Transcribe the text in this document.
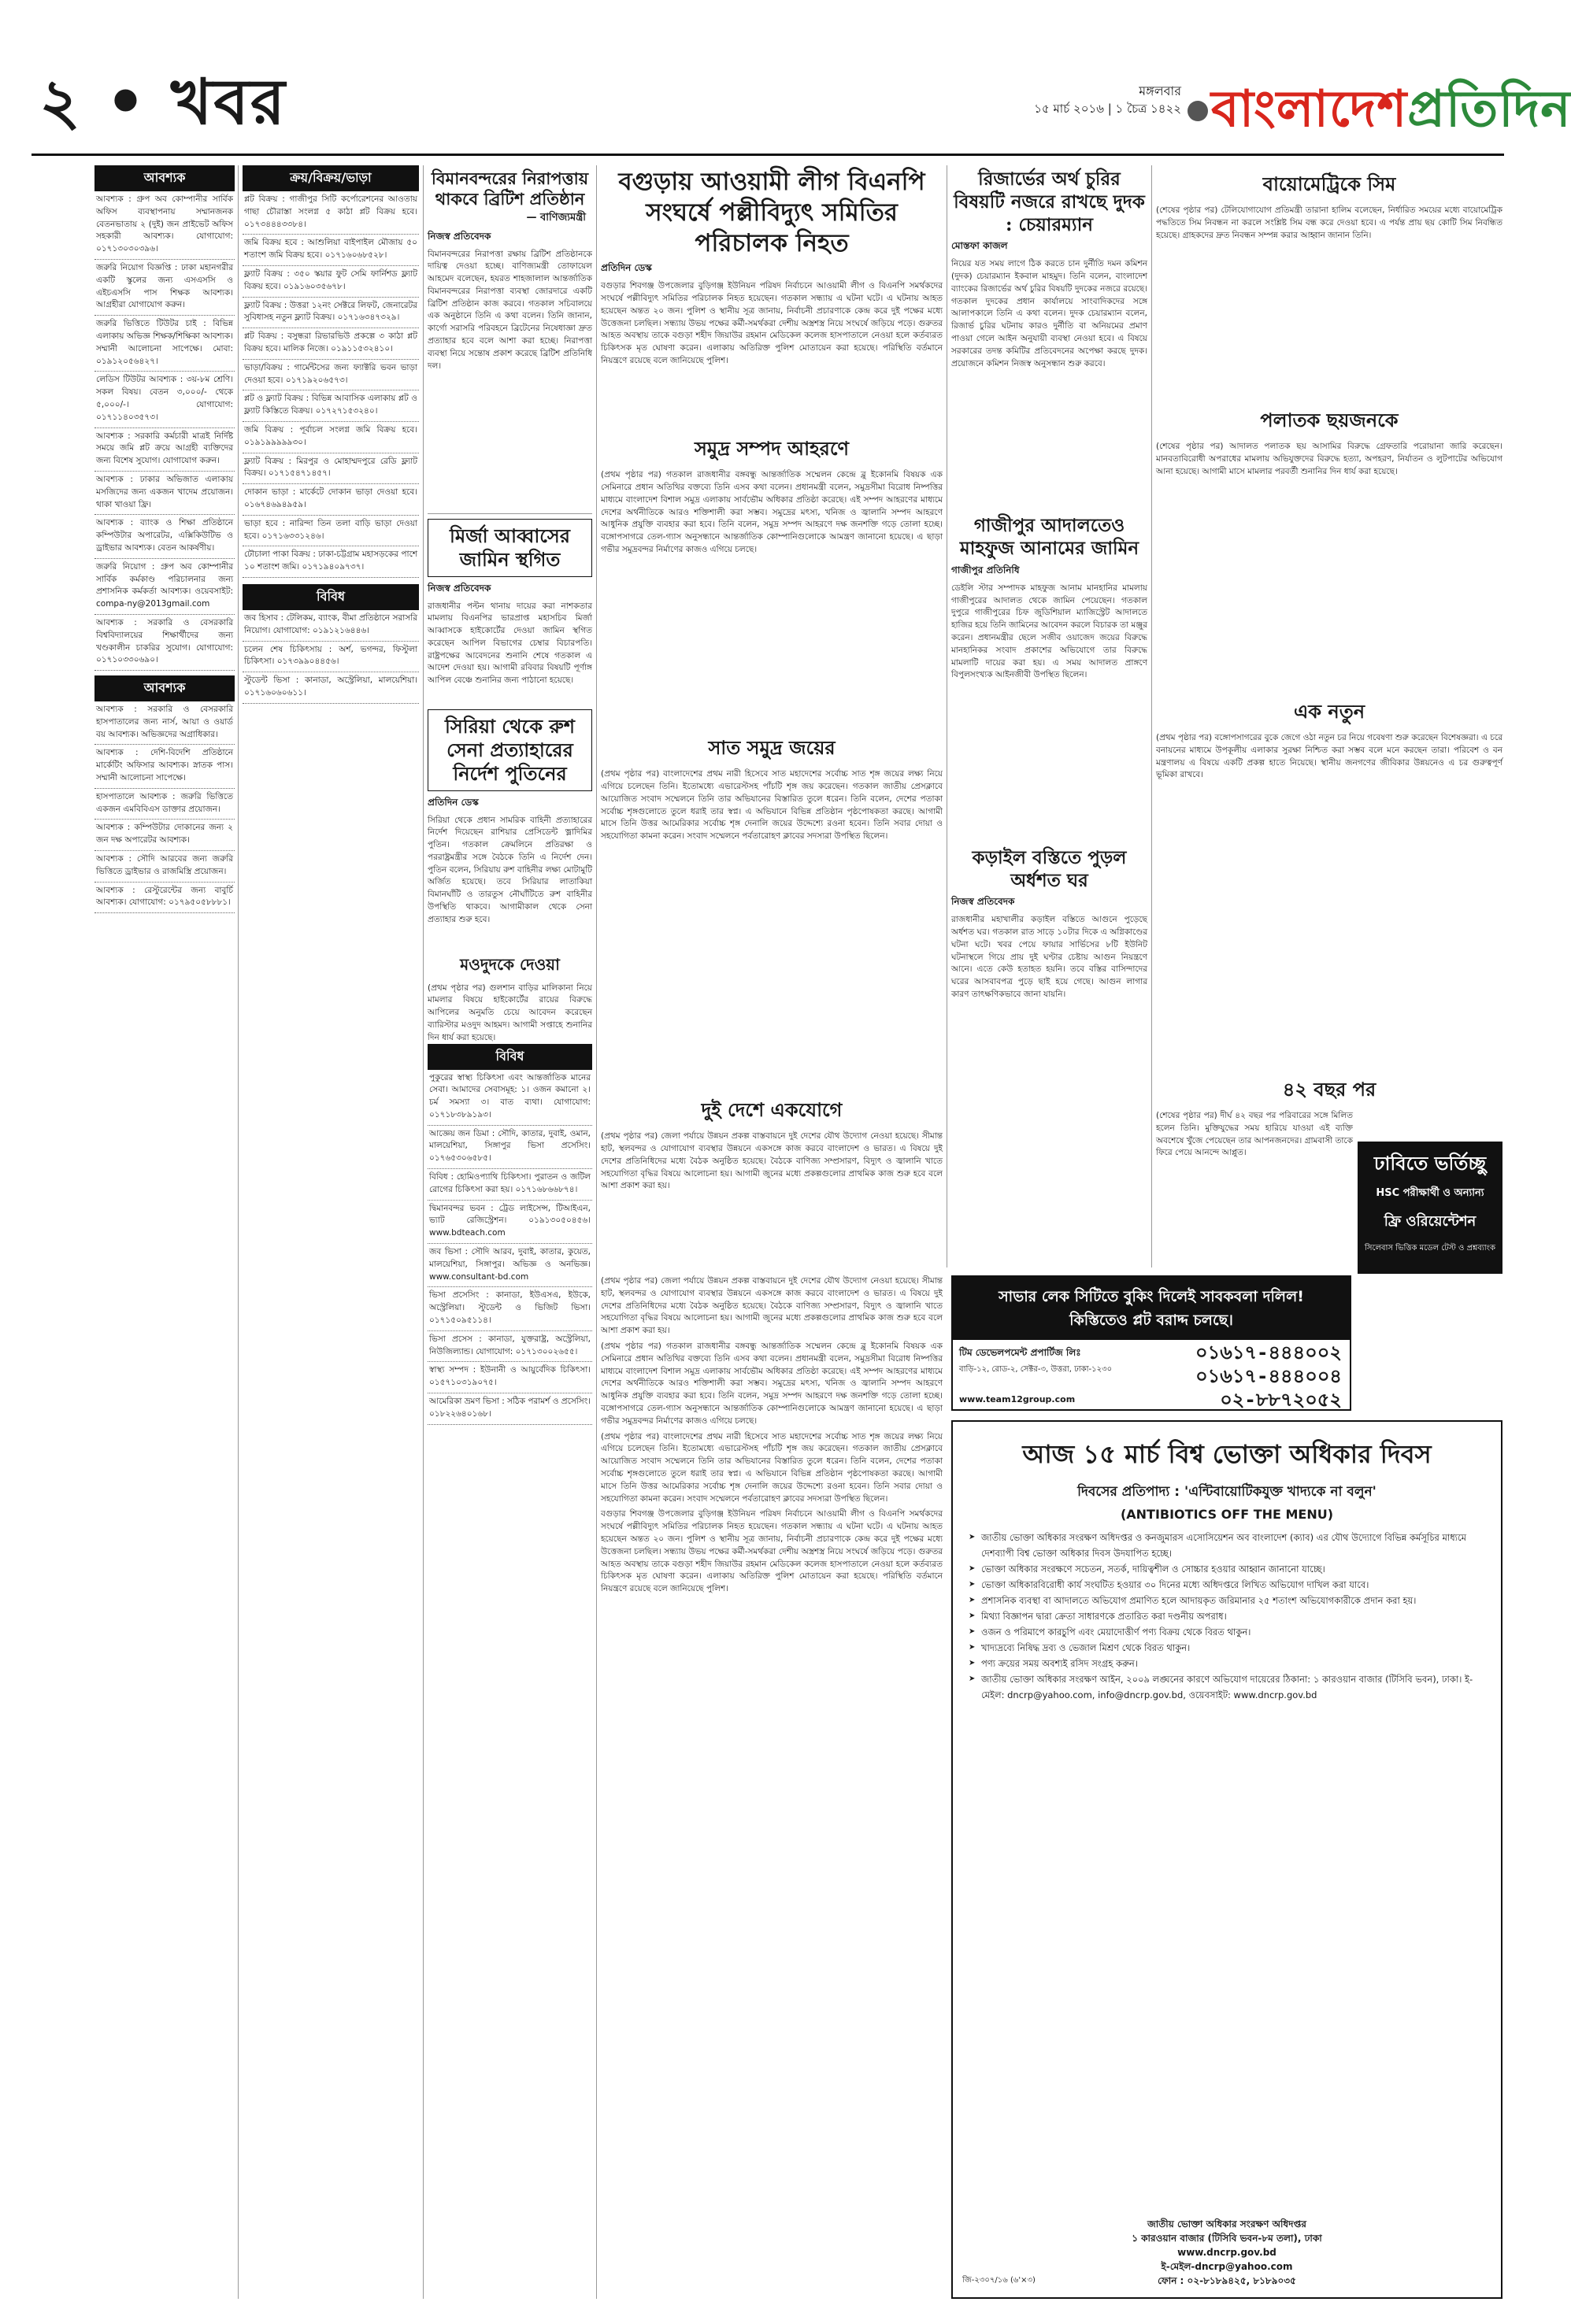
২ • খবর	মঙ্গলবার
১৫ মার্চ ২০১৬ | ১ চৈত্র ১৪২২ বাংলাদেশপ্রতিদিন
আবশ্যক
আবশ্যক : গ্রুপ অব কোম্পানীর সার্বিক অফিস ব্যবস্থাপনায় সম্মানজনক বেতনভাতায় ২ (দুই) জন প্রাইভেট অফিস সহকারী আবশ্যক। যোগাযোগ: ০১৭১৩০৩০৩৯৬।
জরুরি নিয়োগ বিজ্ঞপ্তি : ঢাকা মহানগরীর একটি স্কুলের জন্য এসএসসি ও এইচএসসি পাস শিক্ষক আবশ্যক। আগ্রহীরা যোগাযোগ করুন।
জরুরি ভিত্তিতে টিউটর চাই : বিভিন্ন এলাকায় অভিজ্ঞ শিক্ষক/শিক্ষিকা আবশ্যক। সম্মানী আলোচনা সাপেক্ষে। মোবা: ০১৯১২০৫৬৪২৭।
লেডিস টিউটর আবশ্যক : ৩য়-৮ম শ্রেণি। সকল বিষয়। বেতন ৩,০০০/- থেকে ৫,০০০/-। যোগাযোগ: ০১৭১১৪০৩৫৭৩।
আবশ্যক : সরকারি কর্মচারী মাত্রই নির্দিষ্ট সময়ে জমি প্লট ক্রয়ে আগ্রহী ব্যক্তিদের জন্য বিশেষ সুযোগ। যোগাযোগ করুন।
আবশ্যক : ঢাকার অভিজাত এলাকায় মসজিদের জন্য একজন খাদেম প্রয়োজন। থাকা খাওয়া ফ্রি।
আবশ্যক : ব্যাংক ও শিক্ষা প্রতিষ্ঠানে কম্পিউটার অপারেটর, এক্সিকিউটিভ ও ড্রাইভার আবশ্যক। বেতন আকর্ষণীয়।
জরুরি নিয়োগ : গ্রুপ অব কোম্পানীর সার্বিক কর্মকাণ্ড পরিচালনার জন্য প্রশাসনিক কর্মকর্তা আবশ্যক। ওয়েবসাইট: compa-ny@2013gmail.com
আবশ্যক : সরকারি ও বেসরকারি বিশ্ববিদ্যালয়ের শিক্ষার্থীদের জন্য খণ্ডকালীন চাকরির সুযোগ। যোগাযোগ: ০১৭১০৩৩০৬৯০।
আবশ্যক
আবশ্যক : সরকারি ও বেসরকারি হাসপাতালের জন্য নার্স, আয়া ও ওয়ার্ড বয় আবশ্যক। অভিজ্ঞদের অগ্রাধিকার।
আবশ্যক : দেশি-বিদেশি প্রতিষ্ঠানে মার্কেটিং অফিসার আবশ্যক। স্নাতক পাস। সম্মানী আলোচনা সাপেক্ষে।
হাসপাতালে আবশ্যক : জরুরি ভিত্তিতে একজন এমবিবিএস ডাক্তার প্রয়োজন।
আবশ্যক : কম্পিউটার দোকানের জন্য ২ জন দক্ষ অপারেটর আবশ্যক।
আবশ্যক : সৌদি আরবের জন্য জরুরি ভিত্তিতে ড্রাইভার ও রাজমিস্ত্রি প্রয়োজন।
আবশ্যক : রেস্টুরেন্টের জন্য বাবুর্চি আবশ্যক। যোগাযোগ: ০১৭৯৫০৫৮৮৮১।
ক্রয়/বিক্রয়/ভাড়া
প্লট বিক্রয় : গাজীপুর সিটি কর্পোরেশনের আওতায় গাছা চৌরাস্তা সংলগ্ন ৫ কাঠা প্লট বিক্রয় হবে। ০১৭৩৪৪৪৩৩৮৪।
জমি বিক্রয় হবে : আশুলিয়া বাইপাইল মৌজায় ৫০ শতাংশ জমি বিক্রয় হবে। ০১৭১৬০৬৮৫২৮।
ফ্ল্যাট বিক্রয় : ৩৫০ স্কয়ার ফুট সেমি ফার্নিশড ফ্ল্যাট বিক্রয় হবে। ০১৯১৬০৩৫৬৭৮।
ফ্ল্যাট বিক্রয় : উত্তরা ১২নং সেক্টরে লিফট, জেনারেটর সুবিধাসহ নতুন ফ্ল্যাট বিক্রয়। ০১৭১৬৩৪৭৩২৯।
প্লট বিক্রয় : বসুন্ধরা রিভারভিউ প্রকল্পে ৩ কাঠা প্লট বিক্রয় হবে। মালিক নিজে। ০১৯১১৫৩২৪১০।
ভাড়া/বিক্রয় : গার্মেন্টসের জন্য ফ্যাক্টরি ভবন ভাড়া দেওয়া হবে। ০১৭১৯২০৬৫৭৩।
প্লট ও ফ্ল্যাট বিক্রয় : বিভিন্ন আবাসিক এলাকায় প্লট ও ফ্ল্যাট কিস্তিতে বিক্রয়। ০১৭২৭১৫৩২৪০।
জমি বিক্রয় : পূর্বাচল সংলগ্ন জমি বিক্রয় হবে। ০১৯১৯৯৯৯৯৩০।
ফ্ল্যাট বিক্রয় : মিরপুর ও মোহাম্মদপুরে রেডি ফ্ল্যাট বিক্রয়। ০১৭১৫৪৭১৪৫৭।
দোকান ভাড়া : মার্কেটে দোকান ভাড়া দেওয়া হবে। ০১৬৭৪৬৯৪৯৫৯।
ভাড়া হবে : নারিন্দা তিন তলা বাড়ি ভাড়া দেওয়া হবে। ০১৭১৬৩৩১২৪৬।
ঢৌচালা পাকা বিক্রয় : ঢাকা-চট্টগ্রাম মহাসড়কের পাশে ১০ শতাংশ জমি। ০১৭১৯৪০৯৭৩৭।
বিবিধ
জব হিসাব : টেলিকম, ব্যাংক, বীমা প্রতিষ্ঠানে সরাসরি নিয়োগ। যোগাযোগ: ০১৯১২১৬৪৪৬।
চলেন শেষ চিকিৎসায় : অর্শ, ভগন্দর, ফিস্টুলা চিকিৎসা। ০১৭৩৯৯০৪৪৫৬।
স্টুডেন্ট ভিসা : কানাডা, অস্ট্রেলিয়া, মালয়েশিয়া। ০১৭১৬০৬০৬১১।
বিমানবন্দরের নিরাপত্তায় থাকবে ব্রিটিশ প্রতিষ্ঠান
— বাণিজ্যমন্ত্রী
নিজস্ব প্রতিবেদক
বিমানবন্দরের নিরাপত্তা রক্ষায় ব্রিটিশ প্রতিষ্ঠানকে দায়িত্ব দেওয়া হচ্ছে। বাণিজ্যমন্ত্রী তোফায়েল আহমেদ বলেছেন, হযরত শাহজালাল আন্তর্জাতিক বিমানবন্দরের নিরাপত্তা ব্যবস্থা জোরদারে একটি ব্রিটিশ প্রতিষ্ঠান কাজ করবে। গতকাল সচিবালয়ে এক অনুষ্ঠানে তিনি এ কথা বলেন। তিনি জানান, কার্গো সরাসরি পরিবহনে ব্রিটেনের নিষেধাজ্ঞা দ্রুত প্রত্যাহার হবে বলে আশা করা হচ্ছে। নিরাপত্তা ব্যবস্থা নিয়ে সন্তোষ প্রকাশ করেছে ব্রিটিশ প্রতিনিধি দল।
মির্জা আব্বাসের জামিন স্থগিত
নিজস্ব প্রতিবেদক
রাজধানীর পল্টন থানায় দায়ের করা নাশকতার মামলায় বিএনপির ভারপ্রাপ্ত মহাসচিব মির্জা আব্বাসকে হাইকোর্টের দেওয়া জামিন স্থগিত করেছেন আপিল বিভাগের চেম্বার বিচারপতি। রাষ্ট্রপক্ষের আবেদনের শুনানি শেষে গতকাল এ আদেশ দেওয়া হয়। আগামী রবিবার বিষয়টি পূর্ণাঙ্গ আপিল বেঞ্চে শুনানির জন্য পাঠানো হয়েছে।
সিরিয়া থেকে রুশ সেনা প্রত্যাহারের নির্দেশ পুতিনের
প্রতিদিন ডেস্ক
সিরিয়া থেকে প্রধান সামরিক বাহিনী প্রত্যাহারের নির্দেশ দিয়েছেন রাশিয়ার প্রেসিডেন্ট ভ্লাদিমির পুতিন। গতকাল ক্রেমলিনে প্রতিরক্ষা ও পররাষ্ট্রমন্ত্রীর সঙ্গে বৈঠকে তিনি এ নির্দেশ দেন। পুতিন বলেন, সিরিয়ায় রুশ বাহিনীর লক্ষ্য মোটামুটি অর্জিত হয়েছে। তবে সিরিয়ার লাতাকিয়া বিমানঘাঁটি ও তারতুস নৌঘাঁটিতে রুশ বাহিনীর উপস্থিতি থাকবে। আগামীকাল থেকে সেনা প্রত্যাহার শুরু হবে।
মওদুদকে দেওয়া
(প্রথম পৃষ্ঠার পর) গুলশান বাড়ির মালিকানা নিয়ে মামলার বিষয়ে হাইকোর্টের রায়ের বিরুদ্ধে আপিলের অনুমতি চেয়ে আবেদন করেছেন ব্যারিস্টার মওদুদ আহমদ। আগামী সপ্তাহে শুনানির দিন ধার্য করা হয়েছে।
বিবিধ
পুকুরের স্বাস্থ্য চিকিৎসা এবং আন্তর্জাতিক মানের সেবা। আমাদের সেবাসমূহ: ১। ওজন কমানো ২। চর্ম সমস্যা ৩। বাত ব্যথা। যোগাযোগ: ০১৭১৮৩৮৯১৯৩।
আজ্ঞেয় জন ডিমা : সৌদি, কাতার, দুবাই, ওমান, মালয়েশিয়া, সিঙ্গাপুর ভিসা প্রসেসিং। ০১৭৬৫৩০৬৫৮৫।
বিবিধ : হোমিওপ্যাথি চিকিৎসা। পুরাতন ও জটিল রোগের চিকিৎসা করা হয়। ০১৭১৬৮৬৬৮৭৪।
দ্বিমানবন্দর ভবন : ট্রেড লাইসেন্স, টিআইএন, ভ্যাট রেজিস্ট্রেশন। ০১৯১৩০৫০৪৫৬। www.bdteach.com
জব ভিসা : সৌদি আরব, দুবাই, কাতার, কুয়েত, মালয়েশিয়া, সিঙ্গাপুর। অভিজ্ঞ ও অনভিজ্ঞ। www.consultant-bd.com
ভিসা প্রসেসিং : কানাডা, ইউএসএ, ইউকে, অস্ট্রেলিয়া। স্টুডেন্ট ও ভিজিট ভিসা। ০১৭১৫০৯৫১১৪।
ভিসা প্রসেস : কানাডা, যুক্তরাষ্ট্র, অস্ট্রেলিয়া, নিউজিল্যান্ড। যোগাযোগ: ০১৭১৩০০২৬৫৫।
স্বাস্থ্য সম্পদ : ইউনানী ও আয়ুর্বেদিক চিকিৎসা। ০১৫৭১০৩১৯০৭৫।
আমেরিকা ভ্রমণ ভিসা : সঠিক পরামর্শ ও প্রসেসিং। ০১৮২২৬৪০১৬৮।
বগুড়ায় আওয়ামী লীগ বিএনপি সংঘর্ষে পল্লীবিদ্যুৎ সমিতির পরিচালক নিহত
প্রতিদিন ডেস্ক
বগুড়ার শিবগঞ্জ উপজেলার বুড়িগঞ্জ ইউনিয়ন পরিষদ নির্বাচনে আওয়ামী লীগ ও বিএনপি সমর্থকদের সংঘর্ষে পল্লীবিদ্যুৎ সমিতির পরিচালক নিহত হয়েছেন। গতকাল সন্ধ্যায় এ ঘটনা ঘটে। এ ঘটনায় আহত হয়েছেন অন্তত ২০ জন। পুলিশ ও স্থানীয় সূত্র জানায়, নির্বাচনী প্রচারণাকে কেন্দ্র করে দুই পক্ষের মধ্যে উত্তেজনা চলছিল। সন্ধ্যায় উভয় পক্ষের কর্মী-সমর্থকরা দেশীয় অস্ত্রশস্ত্র নিয়ে সংঘর্ষে জড়িয়ে পড়ে। গুরুতর আহত অবস্থায় তাকে বগুড়া শহীদ জিয়াউর রহমান মেডিকেল কলেজ হাসপাতালে নেওয়া হলে কর্তব্যরত চিকিৎসক মৃত ঘোষণা করেন। এলাকায় অতিরিক্ত পুলিশ মোতায়েন করা হয়েছে। পরিস্থিতি বর্তমানে নিয়ন্ত্রণে রয়েছে বলে জানিয়েছে পুলিশ।
সমুদ্র সম্পদ আহরণে
(প্রথম পৃষ্ঠার পর) গতকাল রাজধানীর বঙ্গবন্ধু আন্তর্জাতিক সম্মেলন কেন্দ্রে ব্লু ইকোনমি বিষয়ক এক সেমিনারে প্রধান অতিথির বক্তব্যে তিনি এসব কথা বলেন। প্রধানমন্ত্রী বলেন, সমুদ্রসীমা বিরোধ নিষ্পত্তির মাধ্যমে বাংলাদেশ বিশাল সমুদ্র এলাকায় সার্বভৌম অধিকার প্রতিষ্ঠা করেছে। এই সম্পদ আহরণের মাধ্যমে দেশের অর্থনীতিকে আরও শক্তিশালী করা সম্ভব। সমুদ্রের মৎস্য, খনিজ ও জ্বালানি সম্পদ আহরণে আধুনিক প্রযুক্তি ব্যবহার করা হবে। তিনি বলেন, সমুদ্র সম্পদ আহরণে দক্ষ জনশক্তি গড়ে তোলা হচ্ছে। বঙ্গোপসাগরে তেল-গ্যাস অনুসন্ধানে আন্তর্জাতিক কোম্পানিগুলোকে আমন্ত্রণ জানানো হয়েছে। এ ছাড়া গভীর সমুদ্রবন্দর নির্মাণের কাজও এগিয়ে চলছে।
সাত সমুদ্র জয়ের
(প্রথম পৃষ্ঠার পর) বাংলাদেশের প্রথম নারী হিসেবে সাত মহাদেশের সর্বোচ্চ সাত শৃঙ্গ জয়ের লক্ষ্য নিয়ে এগিয়ে চলেছেন তিনি। ইতোমধ্যে এভারেস্টসহ পাঁচটি শৃঙ্গ জয় করেছেন। গতকাল জাতীয় প্রেসক্লাবে আয়োজিত সংবাদ সম্মেলনে তিনি তার অভিযানের বিস্তারিত তুলে ধরেন। তিনি বলেন, দেশের পতাকা সর্বোচ্চ শৃঙ্গগুলোতে তুলে ধরাই তার স্বপ্ন। এ অভিযানে বিভিন্ন প্রতিষ্ঠান পৃষ্ঠপোষকতা করছে। আগামী মাসে তিনি উত্তর আমেরিকার সর্বোচ্চ শৃঙ্গ দেনালি জয়ের উদ্দেশ্যে রওনা হবেন। তিনি সবার দোয়া ও সহযোগিতা কামনা করেন। সংবাদ সম্মেলনে পর্বতারোহণ ক্লাবের সদস্যরা উপস্থিত ছিলেন।
দুই দেশে একযোগে
(প্রথম পৃষ্ঠার পর) জেলা পর্যায়ে উন্নয়ন প্রকল্প বাস্তবায়নে দুই দেশের যৌথ উদ্যোগ নেওয়া হয়েছে। সীমান্ত হাট, স্থলবন্দর ও যোগাযোগ ব্যবস্থার উন্নয়নে একসঙ্গে কাজ করবে বাংলাদেশ ও ভারত। এ বিষয়ে দুই দেশের প্রতিনিধিদের মধ্যে বৈঠক অনুষ্ঠিত হয়েছে। বৈঠকে বাণিজ্য সম্প্রসারণ, বিদ্যুৎ ও জ্বালানি খাতে সহযোগিতা বৃদ্ধির বিষয়ে আলোচনা হয়। আগামী জুনের মধ্যে প্রকল্পগুলোর প্রাথমিক কাজ শুরু হবে বলে আশা প্রকাশ করা হয়।
(প্রথম পৃষ্ঠার পর) জেলা পর্যায়ে উন্নয়ন প্রকল্প বাস্তবায়নে দুই দেশের যৌথ উদ্যোগ নেওয়া হয়েছে। সীমান্ত হাট, স্থলবন্দর ও যোগাযোগ ব্যবস্থার উন্নয়নে একসঙ্গে কাজ করবে বাংলাদেশ ও ভারত। এ বিষয়ে দুই দেশের প্রতিনিধিদের মধ্যে বৈঠক অনুষ্ঠিত হয়েছে। বৈঠকে বাণিজ্য সম্প্রসারণ, বিদ্যুৎ ও জ্বালানি খাতে সহযোগিতা বৃদ্ধির বিষয়ে আলোচনা হয়। আগামী জুনের মধ্যে প্রকল্পগুলোর প্রাথমিক কাজ শুরু হবে বলে আশা প্রকাশ করা হয়।
(প্রথম পৃষ্ঠার পর) গতকাল রাজধানীর বঙ্গবন্ধু আন্তর্জাতিক সম্মেলন কেন্দ্রে ব্লু ইকোনমি বিষয়ক এক সেমিনারে প্রধান অতিথির বক্তব্যে তিনি এসব কথা বলেন। প্রধানমন্ত্রী বলেন, সমুদ্রসীমা বিরোধ নিষ্পত্তির মাধ্যমে বাংলাদেশ বিশাল সমুদ্র এলাকায় সার্বভৌম অধিকার প্রতিষ্ঠা করেছে। এই সম্পদ আহরণের মাধ্যমে দেশের অর্থনীতিকে আরও শক্তিশালী করা সম্ভব। সমুদ্রের মৎস্য, খনিজ ও জ্বালানি সম্পদ আহরণে আধুনিক প্রযুক্তি ব্যবহার করা হবে। তিনি বলেন, সমুদ্র সম্পদ আহরণে দক্ষ জনশক্তি গড়ে তোলা হচ্ছে। বঙ্গোপসাগরে তেল-গ্যাস অনুসন্ধানে আন্তর্জাতিক কোম্পানিগুলোকে আমন্ত্রণ জানানো হয়েছে। এ ছাড়া গভীর সমুদ্রবন্দর নির্মাণের কাজও এগিয়ে চলছে।
(প্রথম পৃষ্ঠার পর) বাংলাদেশের প্রথম নারী হিসেবে সাত মহাদেশের সর্বোচ্চ সাত শৃঙ্গ জয়ের লক্ষ্য নিয়ে এগিয়ে চলেছেন তিনি। ইতোমধ্যে এভারেস্টসহ পাঁচটি শৃঙ্গ জয় করেছেন। গতকাল জাতীয় প্রেসক্লাবে আয়োজিত সংবাদ সম্মেলনে তিনি তার অভিযানের বিস্তারিত তুলে ধরেন। তিনি বলেন, দেশের পতাকা সর্বোচ্চ শৃঙ্গগুলোতে তুলে ধরাই তার স্বপ্ন। এ অভিযানে বিভিন্ন প্রতিষ্ঠান পৃষ্ঠপোষকতা করছে। আগামী মাসে তিনি উত্তর আমেরিকার সর্বোচ্চ শৃঙ্গ দেনালি জয়ের উদ্দেশ্যে রওনা হবেন। তিনি সবার দোয়া ও সহযোগিতা কামনা করেন। সংবাদ সম্মেলনে পর্বতারোহণ ক্লাবের সদস্যরা উপস্থিত ছিলেন।
বগুড়ার শিবগঞ্জ উপজেলার বুড়িগঞ্জ ইউনিয়ন পরিষদ নির্বাচনে আওয়ামী লীগ ও বিএনপি সমর্থকদের সংঘর্ষে পল্লীবিদ্যুৎ সমিতির পরিচালক নিহত হয়েছেন। গতকাল সন্ধ্যায় এ ঘটনা ঘটে। এ ঘটনায় আহত হয়েছেন অন্তত ২০ জন। পুলিশ ও স্থানীয় সূত্র জানায়, নির্বাচনী প্রচারণাকে কেন্দ্র করে দুই পক্ষের মধ্যে উত্তেজনা চলছিল। সন্ধ্যায় উভয় পক্ষের কর্মী-সমর্থকরা দেশীয় অস্ত্রশস্ত্র নিয়ে সংঘর্ষে জড়িয়ে পড়ে। গুরুতর আহত অবস্থায় তাকে বগুড়া শহীদ জিয়াউর রহমান মেডিকেল কলেজ হাসপাতালে নেওয়া হলে কর্তব্যরত চিকিৎসক মৃত ঘোষণা করেন। এলাকায় অতিরিক্ত পুলিশ মোতায়েন করা হয়েছে। পরিস্থিতি বর্তমানে নিয়ন্ত্রণে রয়েছে বলে জানিয়েছে পুলিশ।
রিজার্ভের অর্থ চুরির বিষয়টি নজরে রাখছে দুদক : চেয়ারম্যান
মোস্তফা কাজল
নিয়ের যত সময় লাগে ঠিক করতে চান দুর্নীতি দমন কমিশন (দুদক) চেয়ারম্যান ইকবাল মাহমুদ। তিনি বলেন, বাংলাদেশ ব্যাংকের রিজার্ভের অর্থ চুরির বিষয়টি দুদকের নজরে রয়েছে। গতকাল দুদকের প্রধান কার্যালয়ে সাংবাদিকদের সঙ্গে আলাপকালে তিনি এ কথা বলেন। দুদক চেয়ারম্যান বলেন, রিজার্ভ চুরির ঘটনায় কারও দুর্নীতি বা অনিয়মের প্রমাণ পাওয়া গেলে আইন অনুযায়ী ব্যবস্থা নেওয়া হবে। এ বিষয়ে সরকারের তদন্ত কমিটির প্রতিবেদনের অপেক্ষা করছে দুদক। প্রয়োজনে কমিশন নিজস্ব অনুসন্ধান শুরু করবে।
গাজীপুর আদালতেও মাহফুজ আনামের জামিন
গাজীপুর প্রতিনিধি
ডেইলি স্টার সম্পাদক মাহফুজ আনাম মানহানির মামলায় গাজীপুরের আদালত থেকে জামিন পেয়েছেন। গতকাল দুপুরে গাজীপুরের চিফ জুডিশিয়াল ম্যাজিস্ট্রেট আদালতে হাজির হয়ে তিনি জামিনের আবেদন করলে বিচারক তা মঞ্জুর করেন। প্রধানমন্ত্রীর ছেলে সজীব ওয়াজেদ জয়ের বিরুদ্ধে মানহানিকর সংবাদ প্রকাশের অভিযোগে তার বিরুদ্ধে মামলাটি দায়ের করা হয়। এ সময় আদালত প্রাঙ্গণে বিপুলসংখ্যক আইনজীবী উপস্থিত ছিলেন।
কড়াইল বস্তিতে পুড়ল অর্ধশত ঘর
নিজস্ব প্রতিবেদক
রাজধানীর মহাখালীর কড়াইল বস্তিতে আগুনে পুড়েছে অর্ধশত ঘর। গতকাল রাত সাড়ে ১০টার দিকে এ অগ্নিকাণ্ডের ঘটনা ঘটে। খবর পেয়ে ফায়ার সার্ভিসের ৮টি ইউনিট ঘটনাস্থলে গিয়ে প্রায় দুই ঘণ্টার চেষ্টায় আগুন নিয়ন্ত্রণে আনে। এতে কেউ হতাহত হয়নি। তবে বস্তির বাসিন্দাদের ঘরের আসবাবপত্র পুড়ে ছাই হয়ে গেছে। আগুন লাগার কারণ তাৎক্ষণিকভাবে জানা যায়নি।
বায়োমেট্রিকে সিম
(শেষের পৃষ্ঠার পর) টেলিযোগাযোগ প্রতিমন্ত্রী তারানা হালিম বলেছেন, নির্ধারিত সময়ের মধ্যে বায়োমেট্রিক পদ্ধতিতে সিম নিবন্ধন না করলে সংশ্লিষ্ট সিম বন্ধ করে দেওয়া হবে। এ পর্যন্ত প্রায় ছয় কোটি সিম নিবন্ধিত হয়েছে। গ্রাহকদের দ্রুত নিবন্ধন সম্পন্ন করার আহ্বান জানান তিনি।
পলাতক ছয়জনকে
(শেষের পৃষ্ঠার পর) আদালত পলাতক ছয় আসামির বিরুদ্ধে গ্রেফতারি পরোয়ানা জারি করেছেন। মানবতাবিরোধী অপরাধের মামলায় অভিযুক্তদের বিরুদ্ধে হত্যা, অপহরণ, নির্যাতন ও লুটপাটের অভিযোগ আনা হয়েছে। আগামী মাসে মামলার পরবর্তী শুনানির দিন ধার্য করা হয়েছে।
এক নতুন
(প্রথম পৃষ্ঠার পর) বঙ্গোপসাগরের বুকে জেগে ওঠা নতুন চর নিয়ে গবেষণা শুরু করেছেন বিশেষজ্ঞরা। এ চরে বনায়নের মাধ্যমে উপকূলীয় এলাকার সুরক্ষা নিশ্চিত করা সম্ভব বলে মনে করছেন তারা। পরিবেশ ও বন মন্ত্রণালয় এ বিষয়ে একটি প্রকল্প হাতে নিয়েছে। স্থানীয় জনগণের জীবিকার উন্নয়নেও এ চর গুরুত্বপূর্ণ ভূমিকা রাখবে।
৪২ বছর পর
(শেষের পৃষ্ঠার পর) দীর্ঘ ৪২ বছর পর পরিবারের সঙ্গে মিলিত হলেন তিনি। মুক্তিযুদ্ধের সময় হারিয়ে যাওয়া এই ব্যক্তি অবশেষে খুঁজে পেয়েছেন তার আপনজনদের। গ্রামবাসী তাকে ফিরে পেয়ে আনন্দে আপ্লুত।	ঢাবিতে ভর্তিচ্ছু
HSC পরীক্ষার্থী ও অন্যান্য
ফ্রি ওরিয়েন্টেশন
সিলেবাস ভিত্তিক মডেল টেস্ট ও প্রশ্নব্যাংক
সাভার লেক সিটিতে বুকিং দিলেই সাবকবলা দলিল!
কিস্তিতেও প্লট বরাদ্দ চলছে।
টিম ডেভেলপমেন্ট প্রপার্টিজ লিঃ
বাড়ি-১২, রোড-২, সেক্টর-৩, উত্তরা, ঢাকা-১২৩০
০১৬১৭-৪৪৪০০২
০১৬১৭-৪৪৪০০৪
০২-৮৮৭২০৫২
www.team12group.com
আজ ১৫ মার্চ বিশ্ব ভোক্তা অধিকার দিবস
দিবসের প্রতিপাদ্য : 'এন্টিবায়োটিকযুক্ত খাদ্যকে না বলুন'
(ANTIBIOTICS OFF THE MENU)
➤ জাতীয় ভোক্তা অধিকার সংরক্ষণ অধিদপ্তর ও কনজুমারস এসোসিয়েশন অব বাংলাদেশ (ক্যাব) এর যৌথ উদ্যোগে বিভিন্ন কর্মসূচির মাধ্যমে দেশব্যাপী বিশ্ব ভোক্তা অধিকার দিবস উদযাপিত হচ্ছে।
➤ ভোক্তা অধিকার সংরক্ষণে সচেতন, সতর্ক, দায়িত্বশীল ও সোচ্চার হওয়ার আহ্বান জানানো যাচ্ছে।
➤ ভোক্তা অধিকারবিরোধী কার্য সংঘটিত হওয়ার ৩০ দিনের মধ্যে অধিদপ্তরে লিখিত অভিযোগ দাখিল করা যাবে।
➤ প্রশাসনিক ব্যবস্থা বা আদালতে অভিযোগ প্রমাণিত হলে আদায়কৃত জরিমানার ২৫ শতাংশ অভিযোগকারীকে প্রদান করা হয়।
➤ মিথ্যা বিজ্ঞাপন দ্বারা ক্রেতা সাধারণকে প্রতারিত করা দণ্ডনীয় অপরাধ।
➤ ওজন ও পরিমাপে কারচুপি এবং মেয়াদোত্তীর্ণ পণ্য বিক্রয় থেকে বিরত থাকুন।
➤ খাদ্যদ্রব্যে নিষিদ্ধ দ্রব্য ও ভেজাল মিশ্রণ থেকে বিরত থাকুন।
➤ পণ্য ক্রয়ের সময় অবশ্যই রসিদ সংগ্রহ করুন।
➤ জাতীয় ভোক্তা অধিকার সংরক্ষণ আইন, ২০০৯ লঙ্ঘনের কারণে অভিযোগ দায়েরের ঠিকানা: ১ কারওয়ান বাজার (টিসিবি ভবন), ঢাকা। ই-মেইল: dncrp@yahoo.com, info@dncrp.gov.bd, ওয়েবসাইট: www.dncrp.gov.bd
জাতীয় ভোক্তা অধিকার সংরক্ষণ অধিদপ্তর
১ কারওয়ান বাজার (টিসিবি ভবন-৮ম তলা), ঢাকা
www.dncrp.gov.bd
ই-মেইল-dncrp@yahoo.com
ফোন : ০২-৮১৮৯৪২৫, ৮১৮৯০৩৫
জি-২৩০৭/১৬ (৬'×৩)
